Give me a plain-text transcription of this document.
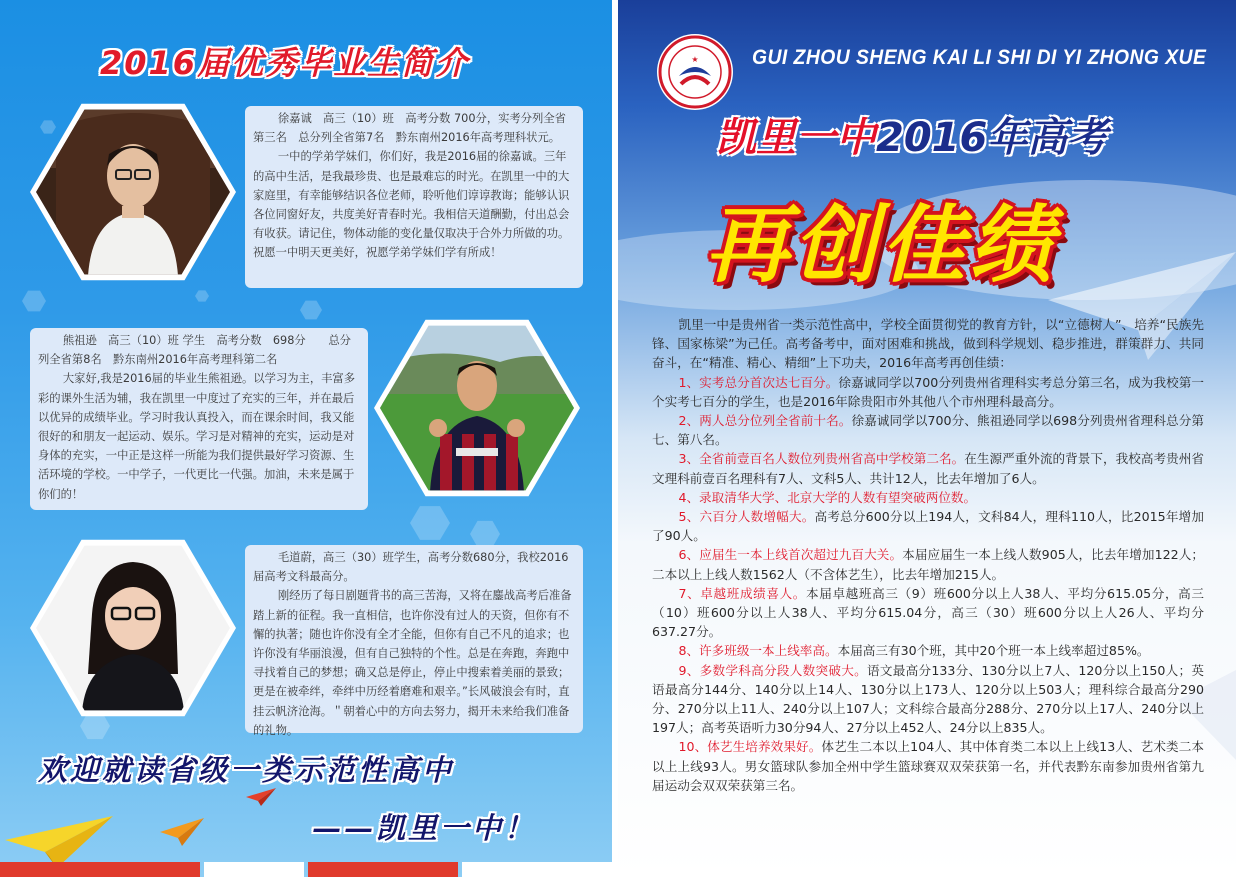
2016届优秀毕业生简介

徐嘉诚　高三（10）班　高考分数 700分，实考分列全省第三名　总分列全省第7名　黔东南州2016年高考理科状元。

一中的学弟学妹们，你们好，我是2016届的徐嘉诚。三年的高中生活，是我最珍贵、也是最难忘的时光。在凯里一中的大家庭里，有幸能够结识各位老师，聆听他们谆谆教诲；能够认识各位同窗好友，共度美好青春时光。我相信天道酬勤，付出总会有收获。请记住，物体动能的变化量仅取决于合外力所做的功。祝愿一中明天更美好，祝愿学弟学妹们学有所成！

熊祖逊　高三（10）班 学生　高考分数　698分　　总分列全省第8名　黔东南州2016年高考理科第二名

大家好,我是2016届的毕业生熊祖逊。以学习为主，丰富多彩的课外生活为辅，我在凯里一中度过了充实的三年，并在最后以优异的成绩毕业。学习时我认真投入，而在课余时间，我又能很好的和朋友一起运动、娱乐。学习是对精神的充实，运动是对身体的充实，一中正是这样一所能为我们提供最好学习资源、生活环境的学校。一中学子，一代更比一代强。加油，未来是属于你们的！

毛道蔚，高三（30）班学生，高考分数680分，我校2016届高考文科最高分。

刚经历了每日剧题背书的高三苦海，又将在鏖战高考后准备踏上新的征程。我一直相信，也许你没有过人的天资，但你有不懈的执著；随也许你没有全才全能，但你有自己不凡的追求；也许你没有华丽浪漫，但有自己独特的个性。总是在奔跑，奔跑中寻找着自己的梦想；确又总是停止，停止中搜索着美丽的景致；更是在被牵绊，牵绊中历经着磨难和艰辛。”长风破浪会有时，直挂云帆济沧海。＂朝着心中的方向去努力，揭开未来给我们准备的礼物。

欢迎就读省级一类示范性高中
——凯里一中！
★	GUI ZHOU SHENG KAI LI SHI DI YI ZHONG XUE
凯里一中2016年高考
再创佳绩

凯里一中是贵州省一类示范性高中，学校全面贯彻党的教育方针，以“立德树人”、培养“民族先锋、国家栋梁”为己任。高考备考中，面对困难和挑战，做到科学规划、稳步推进，群策群力、共同奋斗，在“精准、精心、精细”上下功夫，2016年高考再创佳绩：

1、实考总分首次达七百分。徐嘉诚同学以700分列贵州省理科实考总分第三名，成为我校第一个实考七百分的学生，也是2016年除贵阳市外其他八个市州理科最高分。

2、两人总分位列全省前十名。徐嘉诚同学以700分、熊祖逊同学以698分列贵州省理科总分第七、第八名。

3、全省前壹百名人数位列贵州省高中学校第二名。在生源严重外流的背景下，我校高考贵州省文理科前壹百名理科有7人、文科5人、共计12人，比去年增加了6人。

4、录取清华大学、北京大学的人数有望突破两位数。

5、六百分人数增幅大。高考总分600分以上194人，文科84人，理科110人，比2015年增加了90人。

6、应届生一本上线首次超过九百大关。本届应届生一本上线人数905人，比去年增加122人；二本以上上线人数1562人（不含体艺生），比去年增加215人。

7、卓越班成绩喜人。本届卓越班高三（9）班600分以上人38人、平均分615.05分，高三（10）班600分以上人38人、平均分615.04分，高三（30）班600分以上人26人、平均分637.27分。

8、许多班级一本上线率高。本届高三有30个班，其中20个班一本上线率超过85%。

9、多数学科高分段人数突破大。语文最高分133分、130分以上7人、120分以上150人；英语最高分144分、140分以上14人、130分以上173人、120分以上503人；理科综合最高分290分、270分以上11人、240分以上107人；文科综合最高分288分、270分以上17人、240分以上197人；高考英语听力30分94人、27分以上452人、24分以上835人。

10、体艺生培养效果好。体艺生二本以上104人、其中体育类二本以上上线13人、艺术类二本以上上线93人。男女篮球队参加全州中学生篮球赛双双荣获第一名，并代表黔东南参加贵州省第九届运动会双双荣获第三名。
